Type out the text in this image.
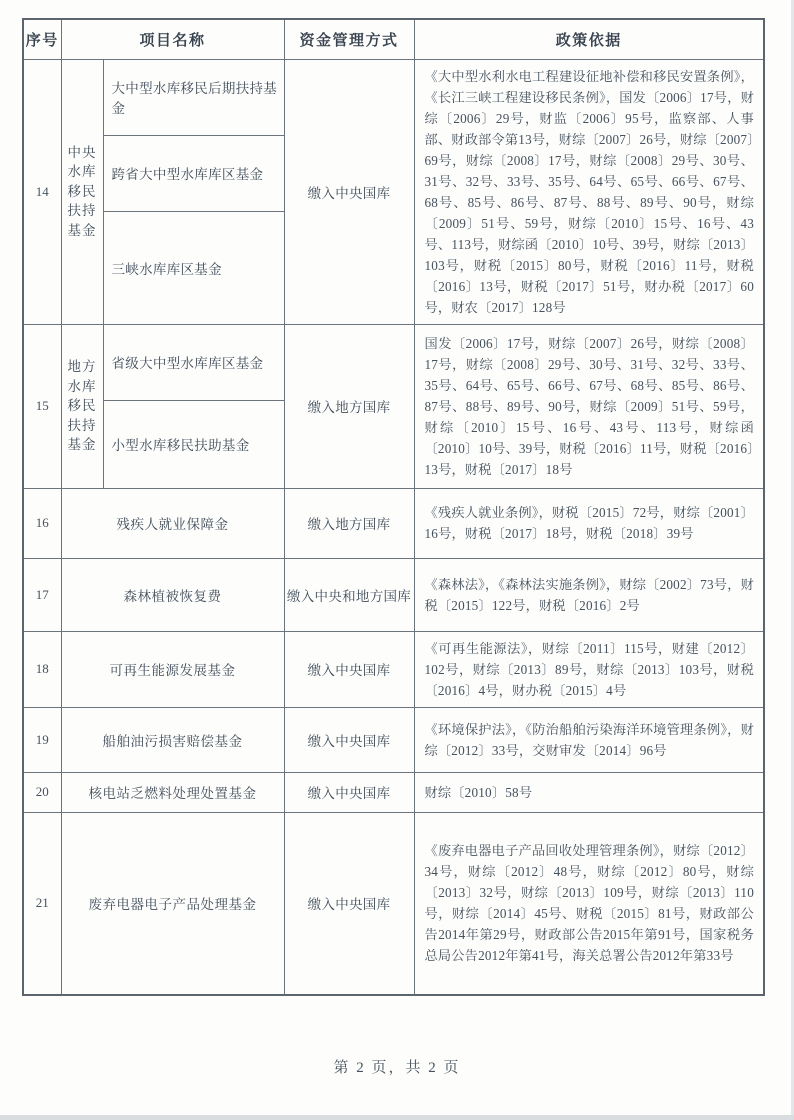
序号	项目名称		资金管理方式	政策依据
14	中央水库移民扶持基金	大中型水库移民后期扶持基金	缴入中央国库	《大中型水利水电工程建设征地补偿和移民安置条例》，《长江三峡工程建设移民条例》，国发〔2006〕17号，财综〔2006〕29号，财监〔2006〕95号，监察部、人事部、财政部令第13号，财综〔2007〕26号，财综〔2007〕69号，财综〔2008〕17号，财综〔2008〕29号、30号、31号、32号、33号、35号、64号、65号、66号、67号、68号、85号、86号、87号、88号、89号、90号，财综〔2009〕51号、59号，财综〔2010〕15号、16号、43号、113号，财综函〔2010〕10号、39号，财综〔2013〕103号，财税〔2015〕80号，财税〔2016〕11号，财税〔2016〕13号，财税〔2017〕51号，财办税〔2017〕60号，财农〔2017〕128号
		跨省大中型水库库区基金		
		三峡水库库区基金		
15	地方水库移民扶持基金	省级大中型水库库区基金	缴入地方国库	国发〔2006〕17号，财综〔2007〕26号，财综〔2008〕17号，财综〔2008〕29号、30号、31号、32号、33号、35号、64号、65号、66号、67号、68号、85号、86号、87号、88号、89号、90号，财综〔2009〕51号、59号，财综〔2010〕15号、16号、43号、113号，财综函〔2010〕10号、39号，财税〔2016〕11号，财税〔2016〕13号，财税〔2017〕18号
		小型水库移民扶助基金		
16	残疾人就业保障金		缴入地方国库	《残疾人就业条例》，财税〔2015〕72号，财综〔2001〕16号，财税〔2017〕18号，财税〔2018〕39号
17	森林植被恢复费		缴入中央和地方国库	《森林法》，《森林法实施条例》，财综〔2002〕73号，财税〔2015〕122号，财税〔2016〕2号
18	可再生能源发展基金		缴入中央国库	《可再生能源法》，财综〔2011〕115号，财建〔2012〕102号，财综〔2013〕89号，财综〔2013〕103号，财税〔2016〕4号，财办税〔2015〕4号
19	船舶油污损害赔偿基金		缴入中央国库	《环境保护法》，《防治船舶污染海洋环境管理条例》，财综〔2012〕33号，交财审发〔2014〕96号
20	核电站乏燃料处理处置基金		缴入中央国库	财综〔2010〕58号
21	废弃电器电子产品处理基金		缴入中央国库	《废弃电器电子产品回收处理管理条例》，财综〔2012〕34号，财综〔2012〕48号，财综〔2012〕80号，财综〔2013〕32号，财综〔2013〕109号，财综〔2013〕110号，财综〔2014〕45号、财税〔2015〕81号，财政部公告2014年第29号，财政部公告2015年第91号，国家税务总局公告2012年第41号，海关总署公告2012年第33号
第 2 页，共 2 页
